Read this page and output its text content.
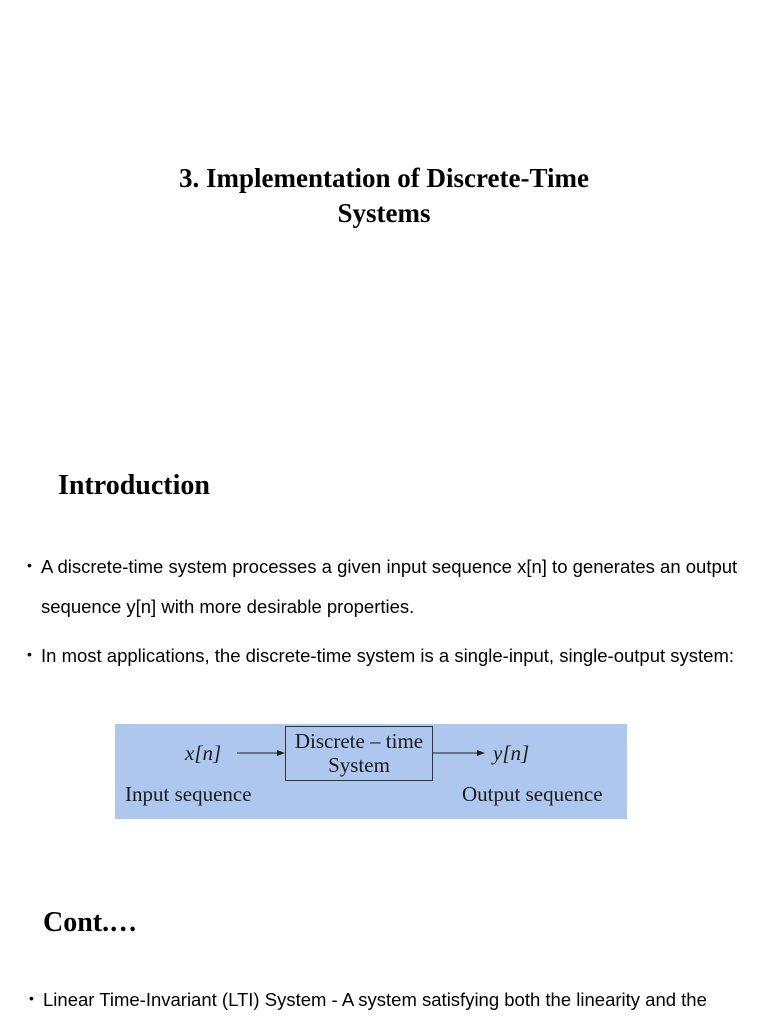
3. Implementation of Discrete-Time
Systems
Introduction
• A discrete-time system processes a given input sequence x[n] to generates an output sequence y[n] with more desirable properties.
• In most applications, the discrete-time system is a single-input, single-output system:
x[n]	Discrete – time
System	y[n]
Input sequence	Output sequence
Cont.…
• Linear Time-Invariant (LTI) System - A system satisfying both the linearity and the
